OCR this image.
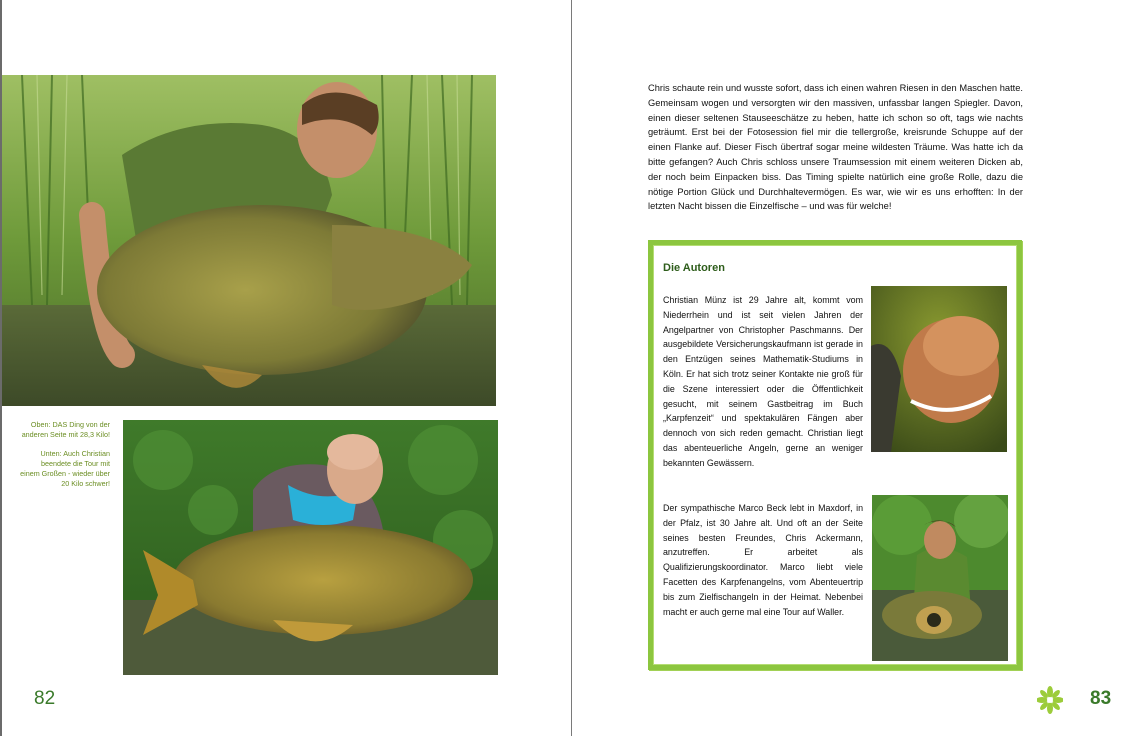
Oben: DAS Ding von der anderen Seite mit 28,3 Kilo!

Unten: Auch Christian beendete die Tour mit einem Großen - wieder über 20 Kilo schwer!

82
Chris schaute rein und wusste sofort, dass ich einen wahren Riesen in den Maschen hatte. Gemeinsam wogen und versorgten wir den massiven, unfassbar langen Spiegler. Davon, einen dieser seltenen Stauseeschätze zu heben, hatte ich schon so oft, tags wie nachts geträumt. Erst bei der Fotosession fiel mir die tellergroße, kreisrunde Schuppe auf der einen Flanke auf. Dieser Fisch übertraf sogar meine wildesten Träume. Was hatte ich da bitte gefangen? Auch Chris schloss unsere Traumsession mit einem weiteren Dicken ab, der noch beim Einpacken biss. Das Timing spielte natürlich eine große Rolle, dazu die nötige Portion Glück und Durchhaltevermögen. Es war, wie wir es uns erhofften: In der letzten Nacht bissen die Einzelfische – und was für welche!
Die Autoren
Christian Münz ist 29 Jahre alt, kommt vom Niederrhein und ist seit vielen Jahren der Angelpartner von Christopher Paschmanns. Der ausgebildete Versicherungskaufmann ist gerade in den Entzügen seines Mathematik-Studiums in Köln. Er hat sich trotz seiner Kontakte nie groß für die Szene interessiert oder die Öffentlichkeit gesucht, mit seinem Gastbeitrag im Buch „Karpfenzeit“ und spektakulären Fängen aber dennoch von sich reden gemacht. Christian liegt das abenteuerliche Angeln, gerne an weniger bekannten Gewässern.
Der sympathische Marco Beck lebt in Maxdorf, in der Pfalz, ist 30 Jahre alt. Und oft an der Seite seines besten Freundes, Chris Ackermann, anzutreffen. Er arbeitet als Qualifizierungskoordinator. Marco liebt viele Facetten des Karpfenangelns, vom Abenteuertrip bis zum Zielfischangeln in der Heimat. Nebenbei macht er auch gerne mal eine Tour auf Waller.
83
